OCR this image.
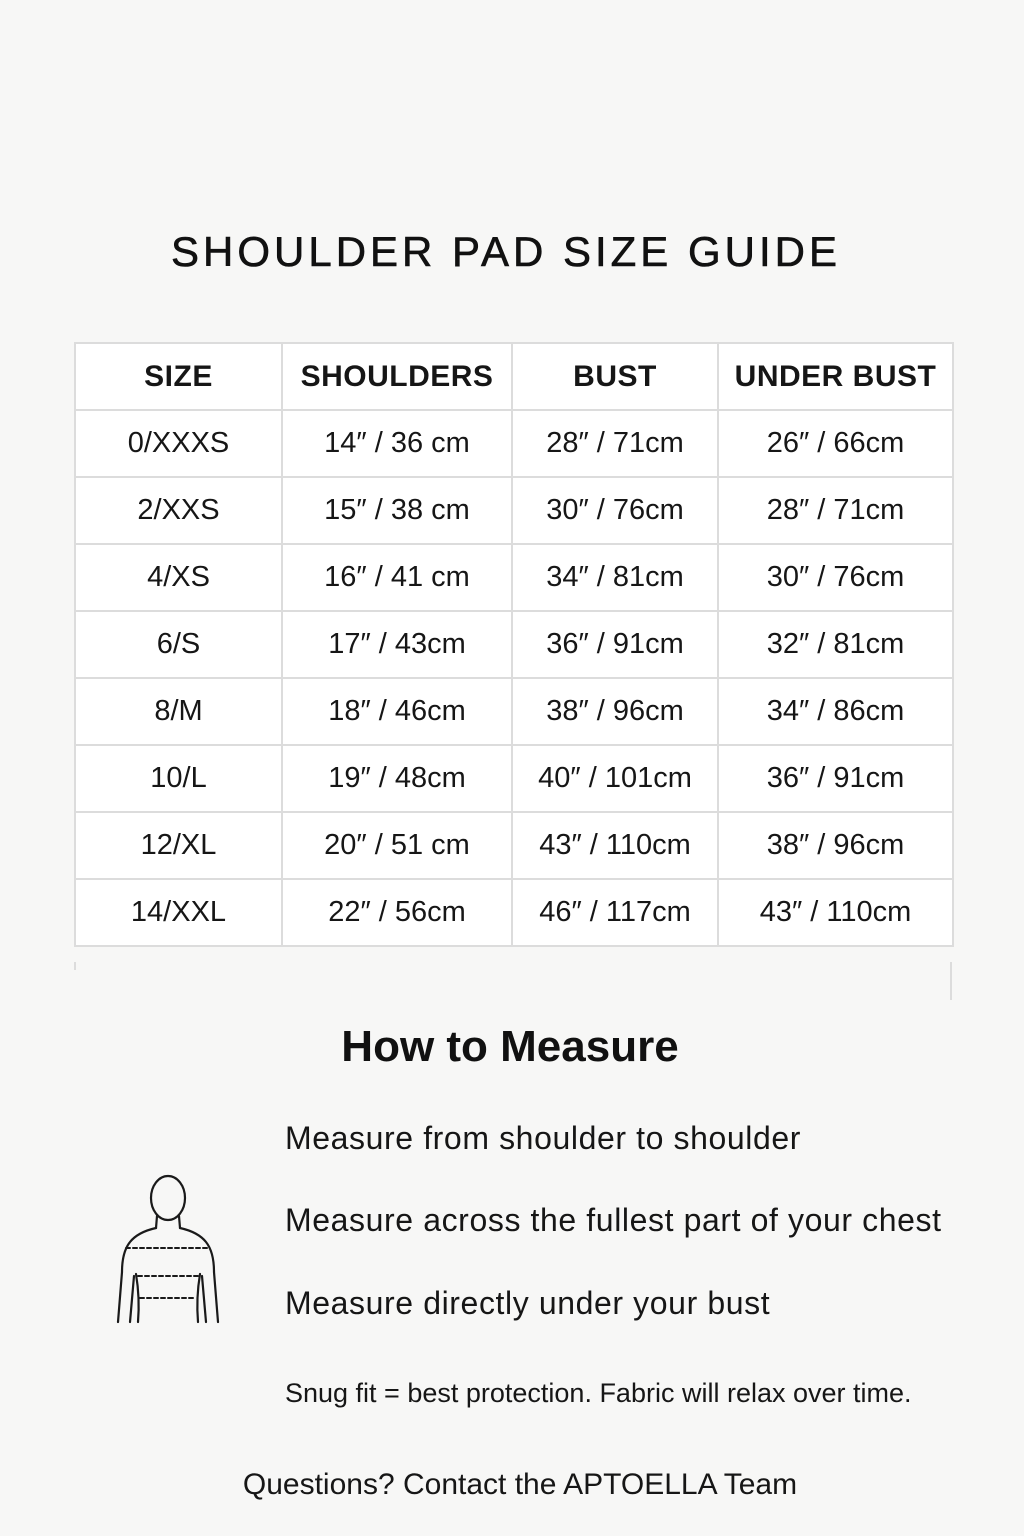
SHOULDER PAD SIZE GUIDE
SIZE	SHOULDERS	BUST	UNDER BUST
0/XXXS	14″ / 36 cm	28″ / 71cm	26″ / 66cm
2/XXS	15″ / 38 cm	30″ / 76cm	28″ / 71cm
4/XS	16″ / 41 cm	34″ / 81cm	30″ / 76cm
6/S	17″ / 43cm	36″ / 91cm	32″ / 81cm
8/M	18″ / 46cm	38″ / 96cm	34″ / 86cm
10/L	19″ / 48cm	40″ / 101cm	36″ / 91cm
12/XL	20″ / 51 cm	43″ / 110cm	38″ / 96cm
14/XXL	22″ / 56cm	46″ / 117cm	43″ / 110cm
How to Measure
Measure from shoulder to shoulder
Measure across the fullest part of your chest
Measure directly under your bust
Snug fit = best protection. Fabric will relax over time.
Questions? Contact the APTOELLA Team
